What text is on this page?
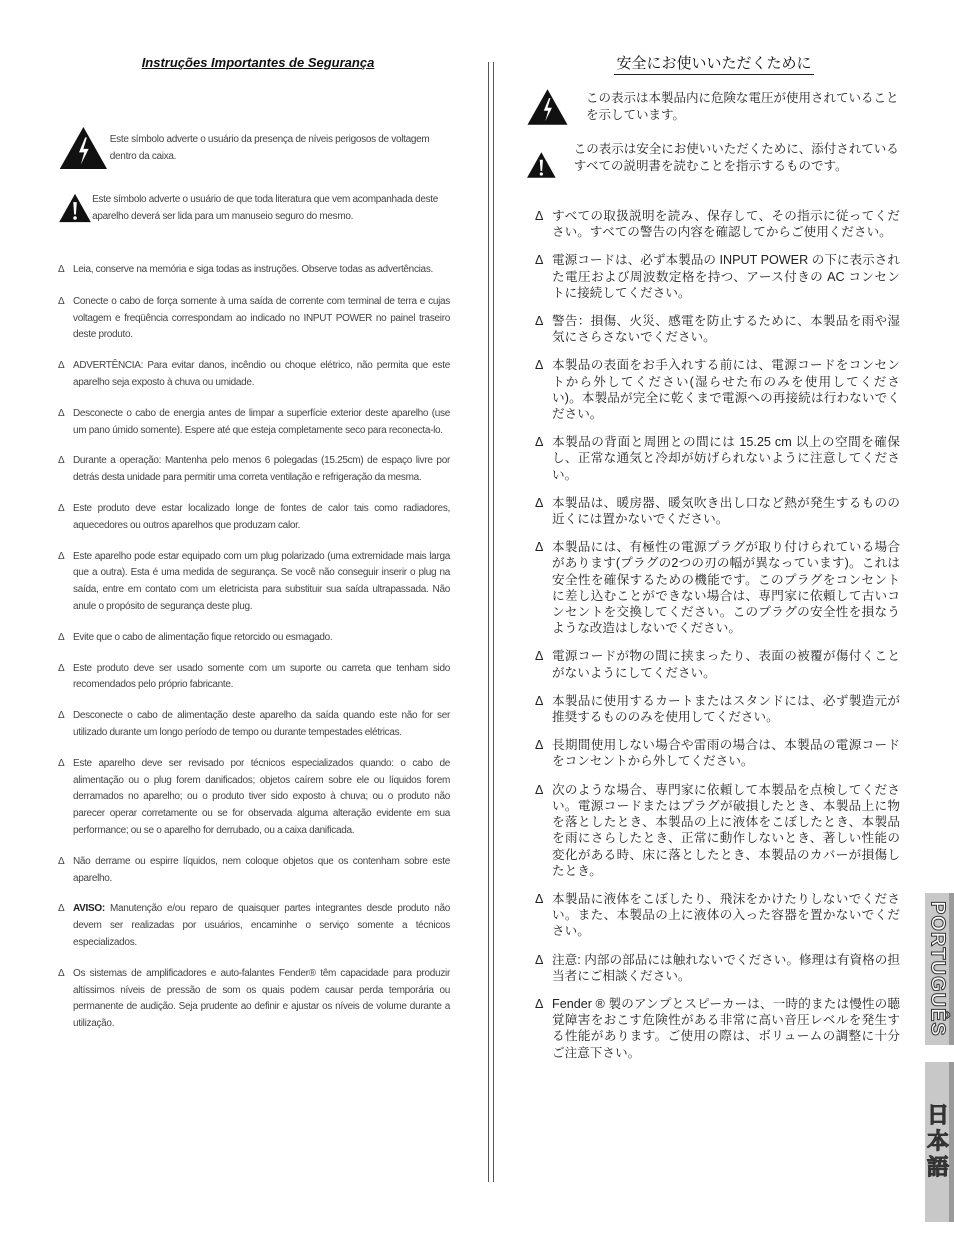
Instruções Importantes de Segurança
Este símbolo adverte o usuário da presença de níveis perigosos de voltagem dentro da caixa.
Este símbolo adverte o usuário de que toda literatura que vem acompanhada deste aparelho deverá ser lida para um manuseio seguro do mesmo.
Δ Leia, conserve na memória e siga todas as instruções. Observe todas as advertências.
Δ Conecte o cabo de força somente à uma saída de corrente com terminal de terra e cujas voltagem e freqüência correspondam ao indicado no INPUT POWER no painel traseiro deste produto.
Δ ADVERTÊNCIA: Para evitar danos, incêndio ou choque elétrico, não permita que este aparelho seja exposto à chuva ou umidade.
Δ Desconecte o cabo de energia antes de limpar a superfície exterior deste aparelho (use um pano úmido somente). Espere até que esteja completamente seco para reconecta-lo.
Δ Durante a operação: Mantenha pelo menos 6 polegadas (15.25cm) de espaço livre por detrás desta unidade para permitir uma correta ventilação e refrigeração da mesma.
Δ Este produto deve estar localizado longe de fontes de calor tais como radiadores, aquecedores ou outros aparelhos que produzam calor.
Δ Este aparelho pode estar equipado com um plug polarizado (uma extremidade mais larga que a outra). Esta é uma medida de segurança. Se você não conseguir inserir o plug na saída, entre em contato com um eletricista para substituir sua saída ultrapassada. Não anule o propósito de segurança deste plug.
Δ Evite que o cabo de alimentação fique retorcido ou esmagado.
Δ Este produto deve ser usado somente com um suporte ou carreta que tenham sido recomendados pelo próprio fabricante.
Δ Desconecte o cabo de alimentação deste aparelho da saída quando este não for ser utilizado durante um longo período de tempo ou durante tempestades elétricas.
Δ Este aparelho deve ser revisado por técnicos especializados quando: o cabo de alimentação ou o plug forem danificados; objetos caírem sobre ele ou líquidos forem derramados no aparelho; ou o produto tiver sido exposto à chuva; ou o produto não parecer operar corretamente ou se for observada alguma alteração evidente em sua performance; ou se o aparelho for derrubado, ou a caixa danificada.
Δ Não derrame ou espirre líquidos, nem coloque objetos que os contenham sobre este aparelho.
Δ AVISO: Manutenção e/ou reparo de quaisquer partes integrantes desde produto não devem ser realizadas por usuários, encaminhe o serviço somente a técnicos especializados.
Δ Os sistemas de amplificadores e auto-falantes Fender® têm capacidade para produzir altíssimos níveis de pressão de som os quais podem causar perda temporária ou permanente de audição. Seja prudente ao definir e ajustar os níveis de volume durante a utilização.
安全にお使いいただくために
この表示は本製品内に危険な電圧が使用されていることを示しています。
この表示は安全にお使いいただくために、添付されているすべての説明書を読むことを指示するものです。
Δ すべての取扱説明を読み、保存して、その指示に従ってください。すべての警告の内容を確認してからご使用ください。
Δ 電源コードは、必ず本製品の INPUT POWER の下に表示された電圧および周波数定格を持つ、アース付きの AC コンセントに接続してください。
Δ 警告：損傷、火災、感電を防止するために、本製品を雨や湿気にさらさないでください。
Δ 本製品の表面をお手入れする前には、電源コードをコンセントから外してください(湿らせた布のみを使用してください)。本製品が完全に乾くまで電源への再接続は行わないでください。
Δ 本製品の背面と周囲との間には 15.25 cm 以上の空間を確保し、正常な通気と冷却が妨げられないように注意してください。
Δ 本製品は、暖房器、暖気吹き出し口など熱が発生するものの近くには置かないでください。
Δ 本製品には、有極性の電源プラグが取り付けられている場合があります(プラグの2つの刃の幅が異なっています)。これは安全性を確保するための機能です。このプラグをコンセントに差し込むことができない場合は、専門家に依頼して古いコンセントを交換してください。このプラグの安全性を損なうような改造はしないでください。
Δ 電源コードが物の間に挟まったり、表面の被覆が傷付くことがないようにしてください。
Δ 本製品に使用するカートまたはスタンドには、必ず製造元が推奨するもののみを使用してください。
Δ 長期間使用しない場合や雷雨の場合は、本製品の電源コードをコンセントから外してください。
Δ 次のような場合、専門家に依頼して本製品を点検してください。電源コードまたはプラグが破損したとき、本製品上に物を落としたとき、本製品の上に液体をこぼしたとき、本製品を雨にさらしたとき、正常に動作しないとき、著しい性能の変化がある時、床に落としたとき、本製品のカバーが損傷したとき。
Δ 本製品に液体をこぼしたり、飛沫をかけたりしないでください。また、本製品の上に液体の入った容器を置かないでください。
Δ 注意: 内部の部品には触れないでください。修理は有資格の担当者にご相談ください。
Δ Fender ® 製のアンプとスピーカーは、一時的または慢性の聴覚障害をおこす危険性がある非常に高い音圧レベルを発生する性能があります。ご使用の際は、ボリュームの調整に十分ご注意下さい。
PORTUGUÊS
日本語
